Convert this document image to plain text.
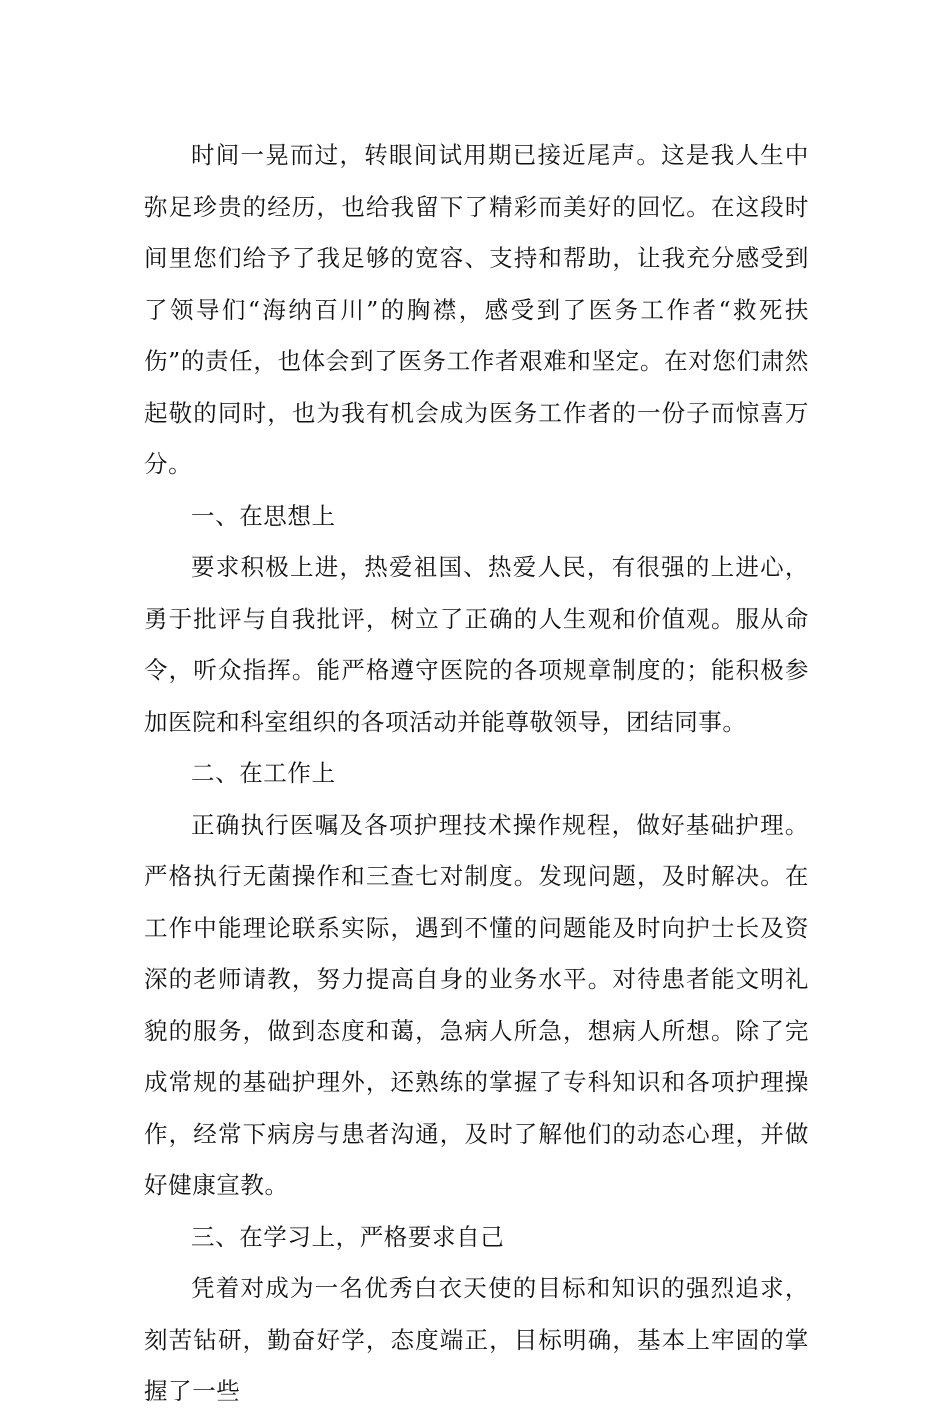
时间一晃而过，转眼间试用期已接近尾声。这是我人生中弥足珍贵的经历，也给我留下了精彩而美好的回忆。在这段时间里您们给予了我足够的宽容、支持和帮助，让我充分感受到了领导们“海纳百川”的胸襟，感受到了医务工作者“救死扶伤”的责任，也体会到了医务工作者艰难和坚定。在对您们肃然起敬的同时，也为我有机会成为医务工作者的一份子而惊喜万分。

一、在思想上

要求积极上进，热爱祖国、热爱人民，有很强的上进心，勇于批评与自我批评，树立了正确的人生观和价值观。服从命令，听众指挥。能严格遵守医院的各项规章制度的；能积极参加医院和科室组织的各项活动并能尊敬领导，团结同事。

二、在工作上

正确执行医嘱及各项护理技术操作规程，做好基础护理。严格执行无菌操作和三查七对制度。发现问题，及时解决。在工作中能理论联系实际，遇到不懂的问题能及时向护士长及资深的老师请教，努力提高自身的业务水平。对待患者能文明礼貌的服务，做到态度和蔼，急病人所急，想病人所想。除了完成常规的基础护理外，还熟练的掌握了专科知识和各项护理操作，经常下病房与患者沟通，及时了解他们的动态心理，并做好健康宣教。

三、在学习上，严格要求自己

凭着对成为一名优秀白衣天使的目标和知识的强烈追求，刻苦钻研，勤奋好学，态度端正，目标明确，基本上牢固的掌握了一些
